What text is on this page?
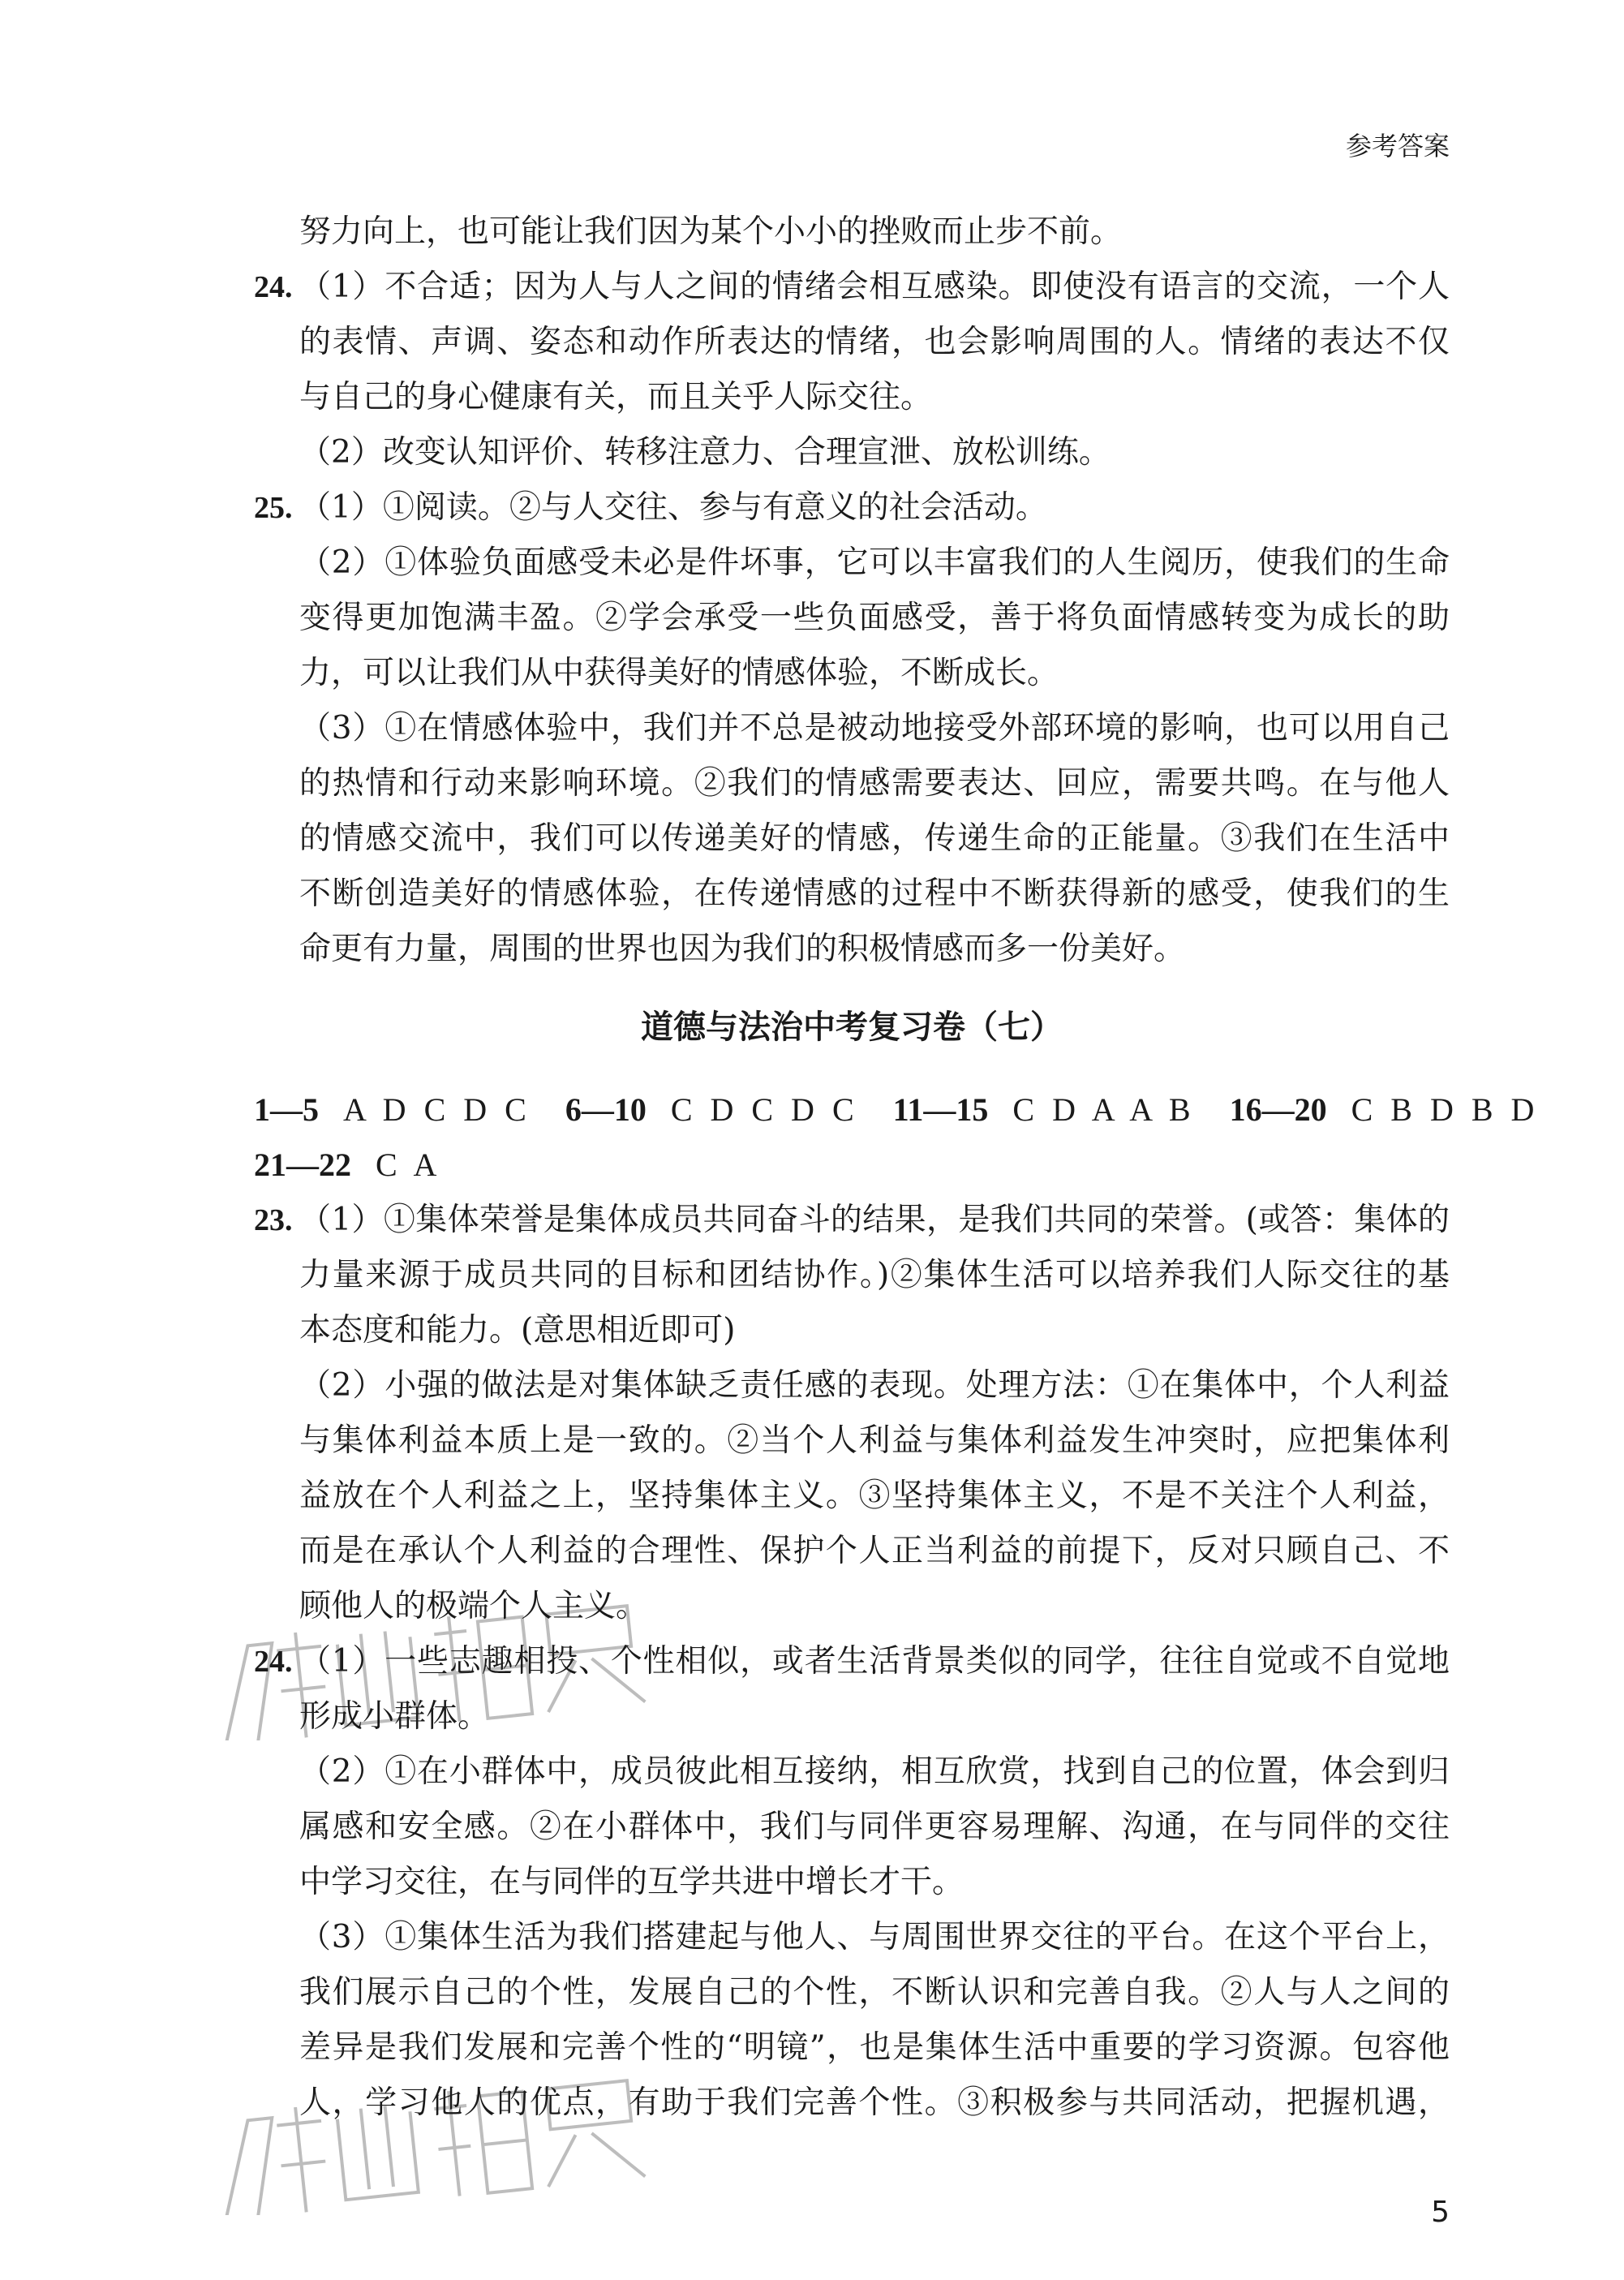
参考答案
努力向上，也可能让我们因为某个小小的挫败而止步不前。
24. （1）不合适；因为人与人之间的情绪会相互感染。即使没有语言的交流，一个人
的表情、声调、姿态和动作所表达的情绪，也会影响周围的人。情绪的表达不仅
与自己的身心健康有关，而且关乎人际交往。
（2）改变认知评价、转移注意力、合理宣泄、放松训练。
25. （1）①阅读。②与人交往、参与有意义的社会活动。
（2）①体验负面感受未必是件坏事，它可以丰富我们的人生阅历，使我们的生命
变得更加饱满丰盈。②学会承受一些负面感受，善于将负面情感转变为成长的助
力，可以让我们从中获得美好的情感体验，不断成长。
（3）①在情感体验中，我们并不总是被动地接受外部环境的影响，也可以用自己
的热情和行动来影响环境。②我们的情感需要表达、回应，需要共鸣。在与他人
的情感交流中，我们可以传递美好的情感，传递生命的正能量。③我们在生活中
不断创造美好的情感体验，在传递情感的过程中不断获得新的感受，使我们的生
命更有力量，周围的世界也因为我们的积极情感而多一份美好。
道德与法治中考复习卷（七）
1—5 A D C D C 6—10 C D C D C 11—15 C D A A B 16—20 C B D B D
21—22 C A
23. （1）①集体荣誉是集体成员共同奋斗的结果，是我们共同的荣誉。(或答：集体的
力量来源于成员共同的目标和团结协作。)②集体生活可以培养我们人际交往的基
本态度和能力。(意思相近即可)
（2）小强的做法是对集体缺乏责任感的表现。处理方法：①在集体中，个人利益
与集体利益本质上是一致的。②当个人利益与集体利益发生冲突时，应把集体利
益放在个人利益之上，坚持集体主义。③坚持集体主义，不是不关注个人利益，
而是在承认个人利益的合理性、保护个人正当利益的前提下，反对只顾自己、不
顾他人的极端个人主义。
24. （1）一些志趣相投、个性相似，或者生活背景类似的同学，往往自觉或不自觉地
形成小群体。
（2）①在小群体中，成员彼此相互接纳，相互欣赏，找到自己的位置，体会到归
属感和安全感。②在小群体中，我们与同伴更容易理解、沟通，在与同伴的交往
中学习交往，在与同伴的互学共进中增长才干。
（3）①集体生活为我们搭建起与他人、与周围世界交往的平台。在这个平台上，
我们展示自己的个性，发展自己的个性，不断认识和完善自我。②人与人之间的
差异是我们发展和完善个性的“明镜”，也是集体生活中重要的学习资源。包容他
人，学习他人的优点，有助于我们完善个性。③积极参与共同活动，把握机遇，
5
